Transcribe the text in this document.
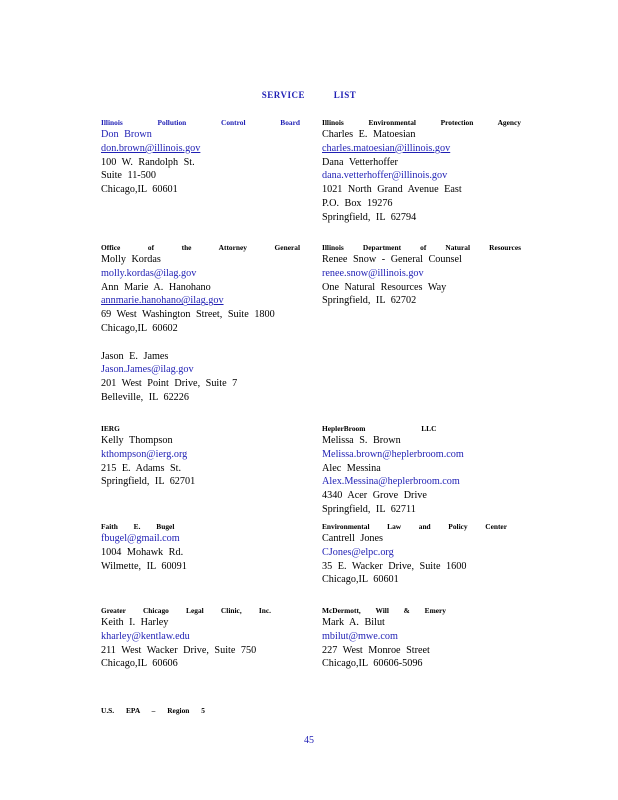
SERVICE LIST
Illinois Pollution Control Board
Don Brown
don.brown@illinois.gov
100 W. Randolph St.
Suite 11-500
Chicago,IL 60601
Illinois Environmental Protection Agency
Charles E. Matoesian
charles.matoesian@illinois.gov
Dana Vetterhoffer
dana.vetterhoffer@illinois.gov
1021 North Grand Avenue East
P.O. Box 19276
Springfield, IL 62794
Office of the Attorney General
Molly Kordas
molly.kordas@ilag.gov
Ann Marie A. Hanohano
annmarie.hanohano@ilag.gov
69 West Washington Street, Suite 1800
Chicago,IL 60602
Jason E. James
Jason.James@ilag.gov
201 West Point Drive, Suite 7
Belleville, IL 62226
Illinois Department of Natural Resources
Renee Snow - General Counsel
renee.snow@illinois.gov
One Natural Resources Way
Springfield, IL 62702
IERG
Kelly Thompson
kthompson@ierg.org
215 E. Adams St.
Springfield, IL 62701
HeplerBroom LLC
Melissa S. Brown
Melissa.brown@heplerbroom.com
Alec Messina
Alex.Messina@heplerbroom.com
4340 Acer Grove Drive
Springfield, IL 62711
Faith E. Bugel
fbugel@gmail.com
1004 Mohawk Rd.
Wilmette, IL 60091
Environmental Law and Policy Center
Cantrell Jones
CJones@elpc.org
35 E. Wacker Drive, Suite 1600
Chicago,IL 60601
Greater Chicago Legal Clinic, Inc.
Keith I. Harley
kharley@kentlaw.edu
211 West Wacker Drive, Suite 750
Chicago,IL 60606
McDermott, Will & Emery
Mark A. Bilut
mbilut@mwe.com
227 West Monroe Street
Chicago,IL 60606-5096
U.S. EPA – Region 5
45
